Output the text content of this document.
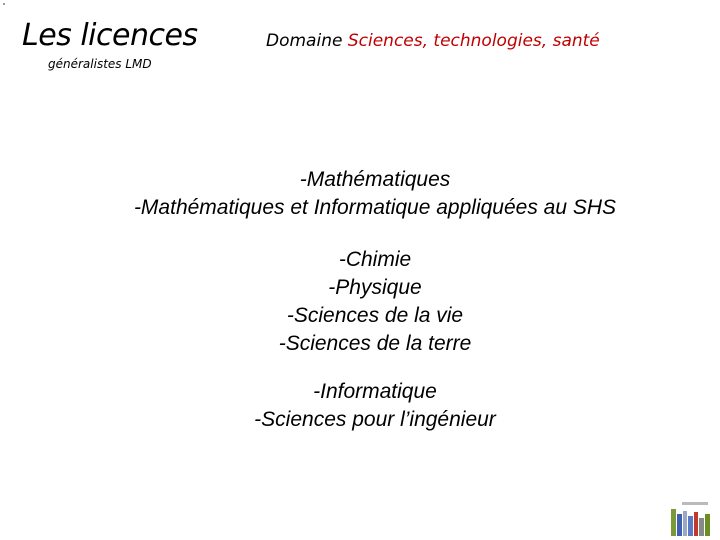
Les licences
généralistes LMD
Domaine Sciences, technologies, santé
-Mathématiques
-Mathématiques et Informatique appliquées au SHS
-Chimie
-Physique
-Sciences de la vie
-Sciences de la terre
-Informatique
-Sciences pour l’ingénieur
